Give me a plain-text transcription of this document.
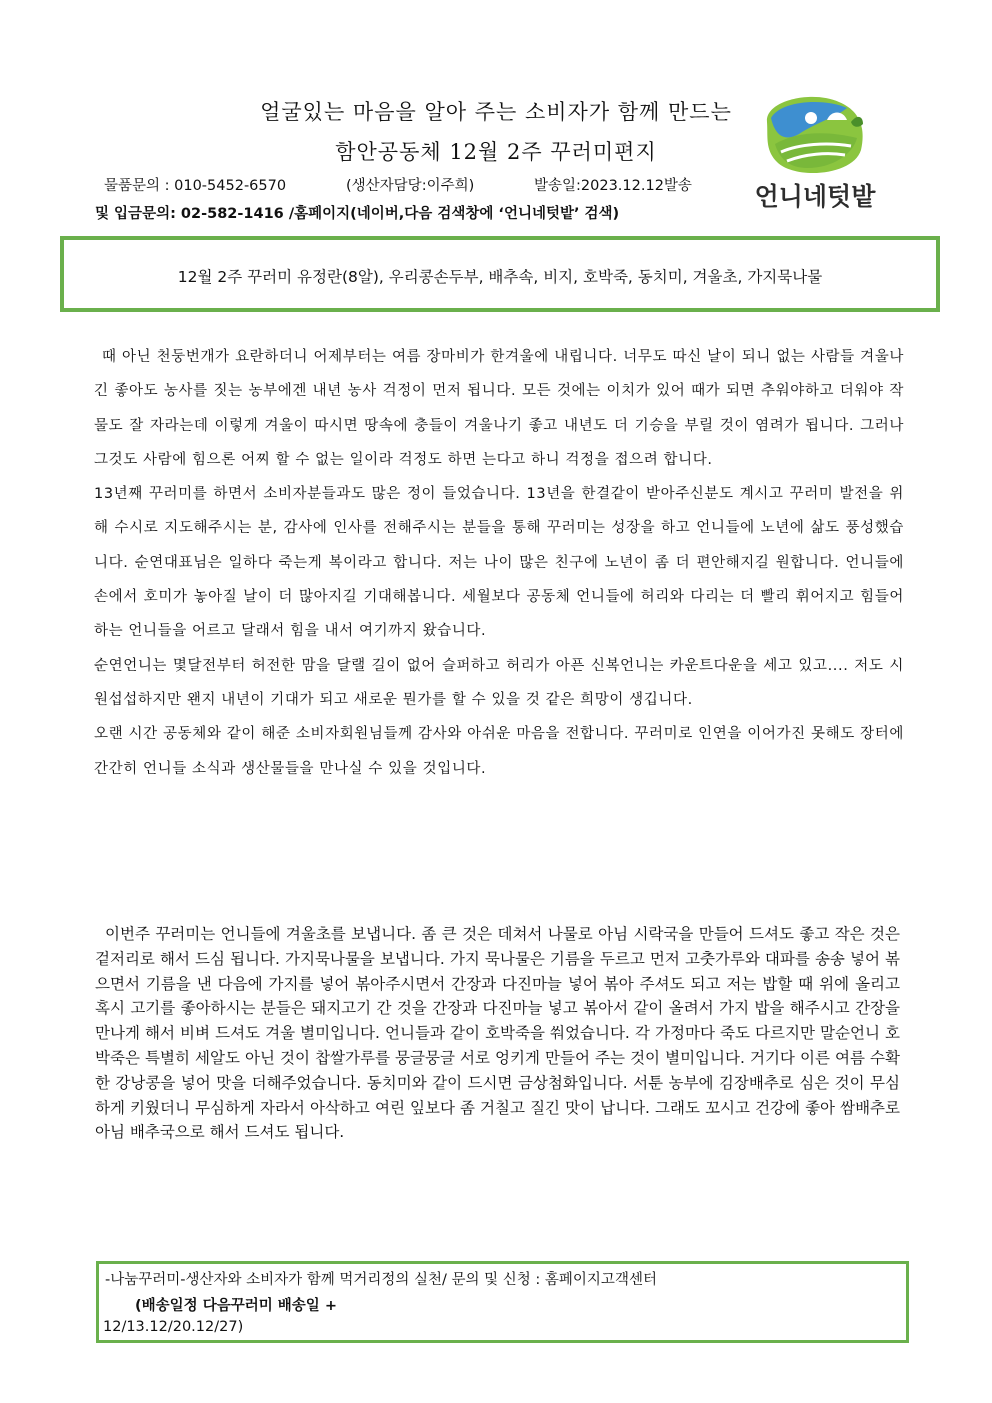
얼굴있는 마음을 알아 주는 소비자가 함께 만드는
함안공동체 12월 2주 꾸러미편지
물품문의 : 010-5452-6570	(생산자담당:이주희)	발송일:2023.12.12발송
및 입금문의: 02-582-1416 /홈페이지(네이버,다음 검색창에 ‘언니네텃밭’ 검색)
언니네텃밭
12월 2주 꾸러미 유정란(8알), 우리콩손두부, 배추속, 비지, 호박죽, 동치미, 겨울초, 가지묵나물

때 아닌 천둥번개가 요란하더니 어제부터는 여름 장마비가 한겨울에 내립니다. 너무도 따신 날이 되니 없는 사람들 겨울나긴 좋아도 농사를 짓는 농부에겐 내년 농사 걱정이 먼저 됩니다. 모든 것에는 이치가 있어 때가 되면 추워야하고 더워야 작물도 잘 자라는데 이렇게 겨울이 따시면 땅속에 충들이 겨울나기 좋고 내년도 더 기승을 부릴 것이 염려가 됩니다. 그러나 그것도 사람에 힘으론 어찌 할 수 없는 일이라 걱정도 하면 는다고 하니 걱정을 접으려 합니다.

13년째 꾸러미를 하면서 소비자분들과도 많은 정이 들었습니다. 13년을 한결같이 받아주신분도 계시고 꾸러미 발전을 위해 수시로 지도해주시는 분, 감사에 인사를 전해주시는 분들을 통해 꾸러미는 성장을 하고 언니들에 노년에 삶도 풍성했습니다. 순연대표님은 일하다 죽는게 복이라고 합니다. 저는 나이 많은 친구에 노년이 좀 더 편안해지길 원합니다. 언니들에 손에서 호미가 놓아질 날이 더 많아지길 기대해봅니다. 세월보다 공동체 언니들에 허리와 다리는 더 빨리 휘어지고 힘들어 하는 언니들을 어르고 달래서 힘을 내서 여기까지 왔습니다.

순연언니는 몇달전부터 허전한 맘을 달랠 길이 없어 슬퍼하고 허리가 아픈 신복언니는 카운트다운을 세고 있고.... 저도 시원섭섭하지만 왠지 내년이 기대가 되고 새로운 뭔가를 할 수 있을 것 같은 희망이 생깁니다.

오랜 시간 공동체와 같이 해준 소비자회원님들께 감사와 아쉬운 마음을 전합니다. 꾸러미로 인연을 이어가진 못해도 장터에 간간히 언니들 소식과 생산물들을 만나실 수 있을 것입니다.

이번주 꾸러미는 언니들에 겨울초를 보냅니다. 좀 큰 것은 데쳐서 나물로 아님 시락국을 만들어 드셔도 좋고 작은 것은 겉저리로 해서 드심 됩니다. 가지묵나물을 보냅니다. 가지 묵나물은 기름을 두르고 먼저 고춧가루와 대파를 송송 넣어 볶으면서 기름을 낸 다음에 가지를 넣어 볶아주시면서 간장과 다진마늘 넣어 볶아 주셔도 되고 저는 밥할 때 위에 올리고 혹시 고기를 좋아하시는 분들은 돼지고기 간 것을 간장과 다진마늘 넣고 볶아서 같이 올려서 가지 밥을 해주시고 간장을 만나게 해서 비벼 드셔도 겨울 별미입니다. 언니들과 같이 호박죽을 쒀었습니다. 각 가정마다 죽도 다르지만 말순언니 호박죽은 특별히 세알도 아닌 것이 찹쌀가루를 뭉글뭉글 서로 엉키게 만들어 주는 것이 별미입니다. 거기다 이른 여름 수확한 강낭콩을 넣어 맛을 더해주었습니다. 동치미와 같이 드시면 금상첨화입니다. 서툰 농부에 김장배추로 심은 것이 무심하게 키웠더니 무심하게 자라서 아삭하고 여린 잎보다 좀 거칠고 질긴 맛이 납니다. 그래도 꼬시고 건강에 좋아 쌈배추로 아님 배추국으로 해서 드셔도 됩니다.

-나눔꾸러미-생산자와 소비자가 함께 먹거리정의 실천/ 문의 및 신청 : 홈페이지고객센터
(배송일정 다음꾸러미 배송일 +
12/13.12/20.12/27)
